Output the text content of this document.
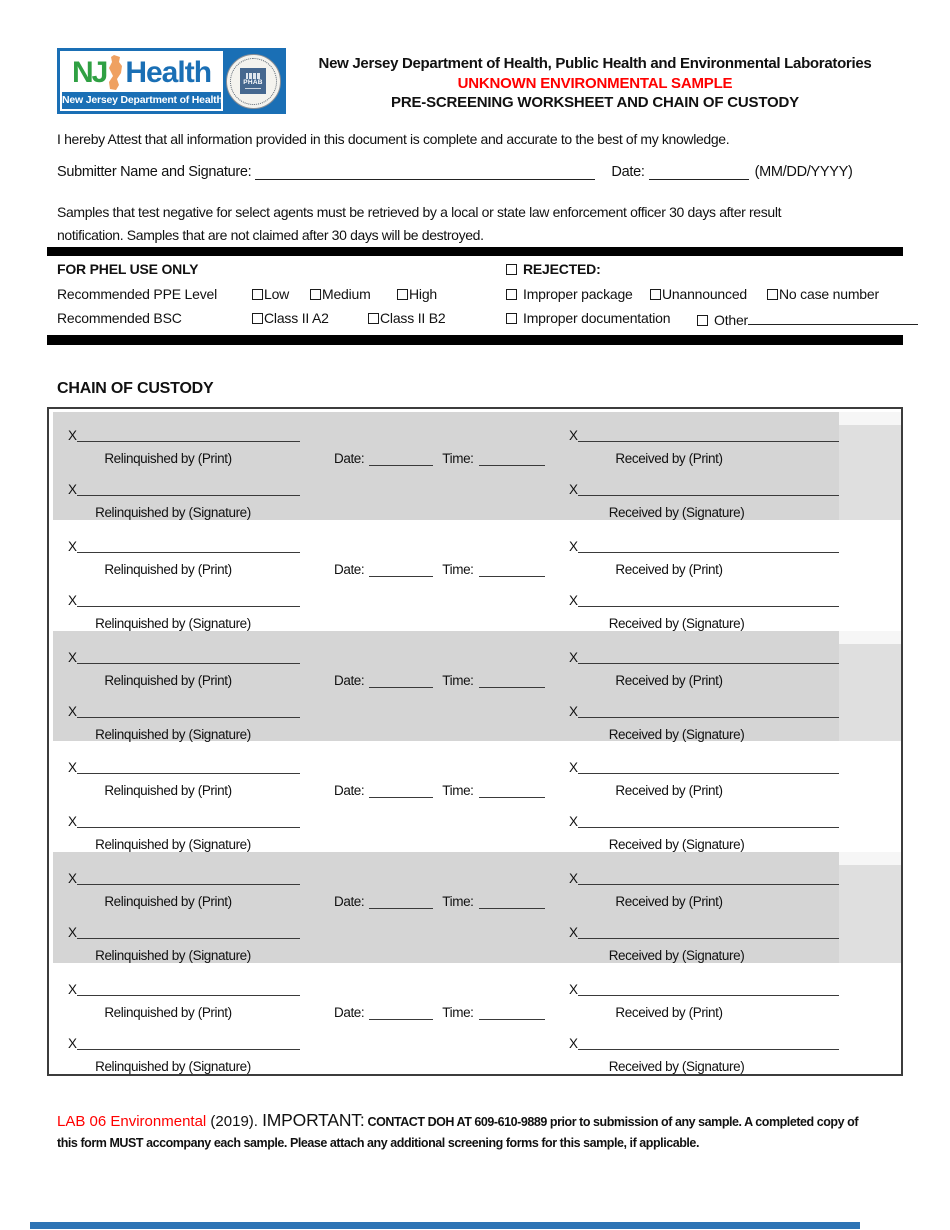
NJ Health
New Jersey Department of Health
PHAB
New Jersey Department of Health, Public Health and Environmental Laboratories
UNKNOWN ENVIRONMENTAL SAMPLE
PRE-SCREENING WORKSHEET AND CHAIN OF CUSTODY
I hereby Attest that all information provided in this document is complete and accurate to the best of my knowledge.
Submitter Name and Signature:	Date:	(MM/DD/YYYY)
Samples that test negative for select agents must be retrieved by a local or state law enforcement officer 30 days after result
notification. Samples that are not claimed after 30 days will be destroyed.
FOR PHEL USE ONLY
Recommended PPE Level	Low	Medium	High
Recommended BSC	Class II A2	Class II B2
REJECTED:
Improper package	Unannounced	No case number
Improper documentation	Other
CHAIN OF CUSTODY
X	X
Relinquished by (Print)	Date:	Time:	Received by (Print)
X	X
Relinquished by (Signature)	Received by (Signature)
X	X
Relinquished by (Print)	Date:	Time:	Received by (Print)
X	X
Relinquished by (Signature)	Received by (Signature)
X	X
Relinquished by (Print)	Date:	Time:	Received by (Print)
X	X
Relinquished by (Signature)	Received by (Signature)
X	X
Relinquished by (Print)	Date:	Time:	Received by (Print)
X	X
Relinquished by (Signature)	Received by (Signature)
X	X
Relinquished by (Print)	Date:	Time:	Received by (Print)
X	X
Relinquished by (Signature)	Received by (Signature)
X	X
Relinquished by (Print)	Date:	Time:	Received by (Print)
X	X
Relinquished by (Signature)	Received by (Signature)
LAB 06 Environmental (2019). IMPORTANT: CONTACT DOH AT 609-610-9889 prior to submission of any sample. A completed copy of
this form MUST accompany each sample. Please attach any additional screening forms for this sample, if applicable.
